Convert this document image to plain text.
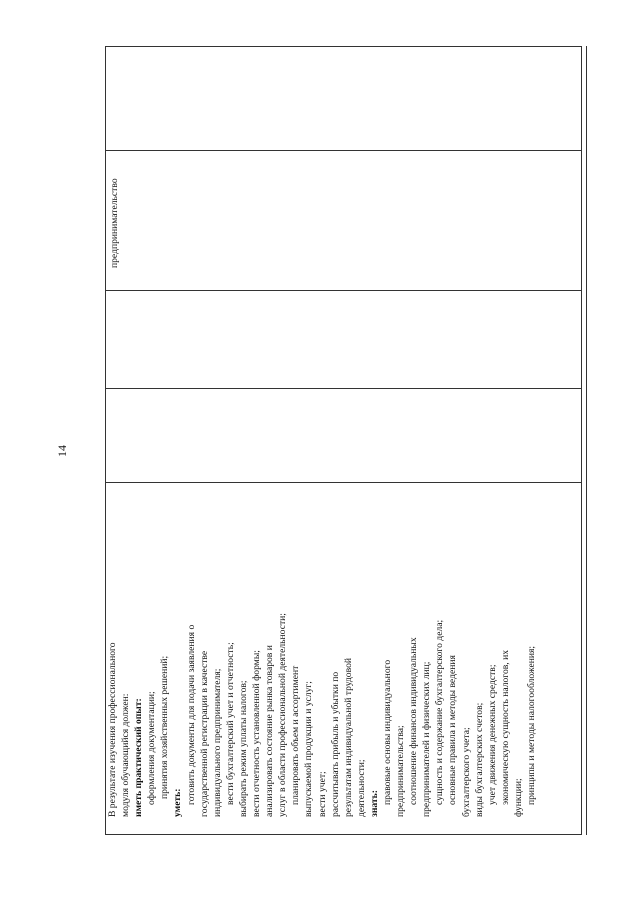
14
В результате изучения профессионального модуля обучающийся должен: иметь практический опыт: оформления документации; принятия хозяйственных решений;
уметь: готовить документы для подачи заявления о государственной регистрации в качестве индивидуального предпринимателя; вести бухгалтерский учет и отчетность; выбирать режим уплаты налогов; вести отчетность установленной формы; анализировать состояние рынка товаров и услуг в области профессиональной деятельности; планировать объем и ассортимент выпускаемой продукции и услуг; вести учет; рассчитывать прибыль и убытки по результатам индивидуальной трудовой деятельности; знать: правовые основы индивидуального предпринимательства; соотношение финансов индивидуальных предпринимателей и физических лиц; сущность и содержание бухгалтерского дела; основные правила и методы ведения бухгалтерского учета; виды бухгалтерских счетов; учет движения денежных средств; экономическую сущность налогов, их функции; принципы и методы налогообложения;
предпринимательство
